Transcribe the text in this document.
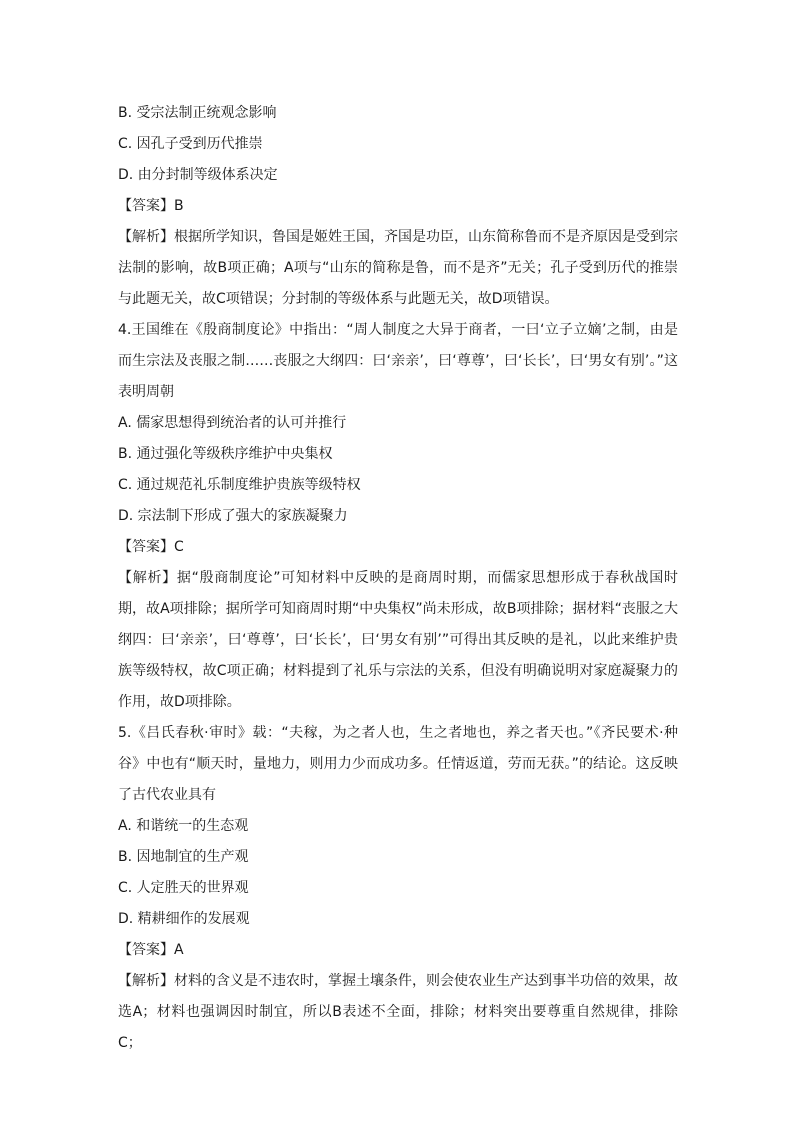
B. 受宗法制正统观念影响
C. 因孔子受到历代推崇
D. 由分封制等级体系决定
【答案】B
【解析】根据所学知识，鲁国是姬姓王国，齐国是功臣，山东简称鲁而不是齐原因是受到宗法制的影响，故B项正确；A项与“山东的简称是鲁，而不是齐”无关；孔子受到历代的推崇与此题无关，故C项错误；分封制的等级体系与此题无关，故D项错误。
4.王国维在《殷商制度论》中指出：“周人制度之大异于商者，一曰‘立子立嫡’之制，由是而生宗法及丧服之制……丧服之大纲四：曰‘亲亲’，曰‘尊尊’，曰‘长长’，曰‘男女有别’。”这表明周朝
A. 儒家思想得到统治者的认可并推行
B. 通过强化等级秩序维护中央集权
C. 通过规范礼乐制度维护贵族等级特权
D. 宗法制下形成了强大的家族凝聚力
【答案】C
【解析】据“殷商制度论”可知材料中反映的是商周时期，而儒家思想形成于春秋战国时期，故A项排除；据所学可知商周时期“中央集权”尚未形成，故B项排除；据材料“丧服之大纲四：曰‘亲亲’，曰‘尊尊’，曰‘长长’，曰‘男女有别’”可得出其反映的是礼，以此来维护贵族等级特权，故C项正确；材料提到了礼乐与宗法的关系，但没有明确说明对家庭凝聚力的作用，故D项排除。
5.《吕氏春秋·审时》载：“夫稼，为之者人也，生之者地也，养之者天也。”《齐民要术·种谷》中也有“顺天时，量地力，则用力少而成功多。任情返道，劳而无获。”的结论。这反映了古代农业具有
A. 和谐统一的生态观
B. 因地制宜的生产观
C. 人定胜天的世界观
D. 精耕细作的发展观
【答案】A
【解析】材料的含义是不违农时，掌握土壤条件，则会使农业生产达到事半功倍的效果，故选A；材料也强调因时制宜，所以B表述不全面，排除；材料突出要尊重自然规律，排除C；
